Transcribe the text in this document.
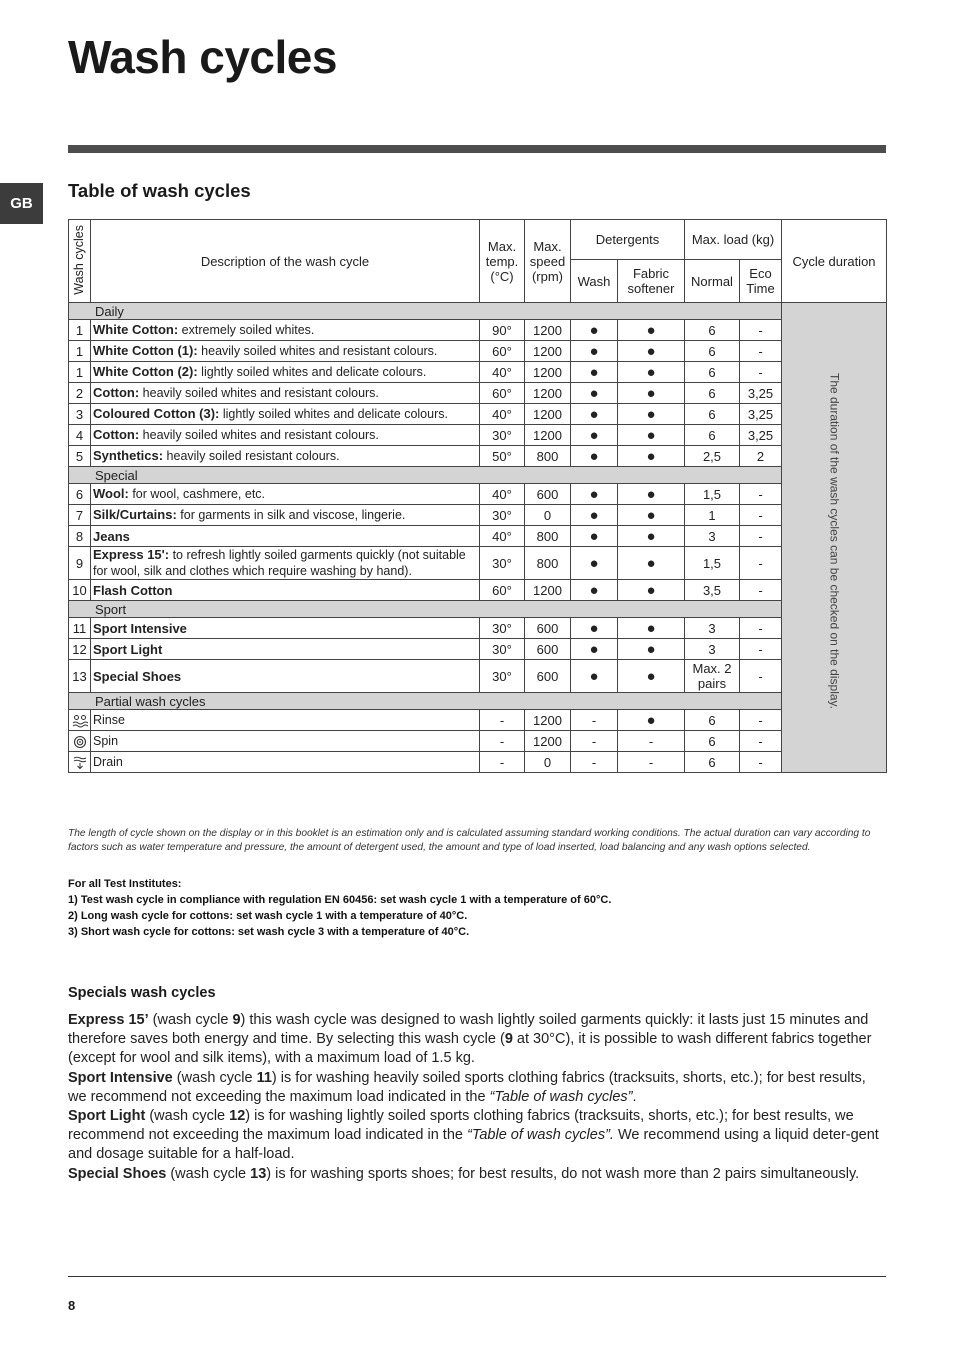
Wash cycles
GB
Table of wash cycles
Wash cycles	Description of the wash cycle	Max. temp. (°C)	Max. speed (rpm)	Detergents		Max. load (kg)		Cycle duration
				Wash	Fabric softener	Normal	Eco Time	
Daily								The duration of the wash cycles can be checked on the display.
1	White Cotton: extremely soiled whites.	90°	1200	●	●	6	-	
1	White Cotton (1): heavily soiled whites and resistant colours.	60°	1200	●	●	6	-	
1	White Cotton (2): lightly soiled whites and delicate colours.	40°	1200	●	●	6	-	
2	Cotton: heavily soiled whites and resistant colours.	60°	1200	●	●	6	3,25	
3	Coloured Cotton (3): lightly soiled whites and delicate colours.	40°	1200	●	●	6	3,25	
4	Cotton: heavily soiled whites and resistant colours.	30°	1200	●	●	6	3,25	
5	Synthetics: heavily soiled resistant colours.	50°	800	●	●	2,5	2	
Special								
6	Wool: for wool, cashmere, etc.	40°	600	●	●	1,5	-	
7	Silk/Curtains: for garments in silk and viscose, lingerie.	30°	0	●	●	1	-	
8	Jeans	40°	800	●	●	3	-	
9	Express 15': to refresh lightly soiled garments quickly (not suitable for wool, silk and clothes which require washing by hand).	30°	800	●	●	1,5	-	
10	Flash Cotton	60°	1200	●	●	3,5	-	
Sport								
11	Sport Intensive	30°	600	●	●	3	-	
12	Sport Light	30°	600	●	●	3	-	
13	Special Shoes	30°	600	●	●	Max. 2 pairs	-	
Partial wash cycles								
	Rinse	-	1200	-	●	6	-	
	Spin	-	1200	-	-	6	-	
	Drain	-	0	-	-	6	-	

The length of cycle shown on the display or in this booklet is an estimation only and is calculated assuming standard working conditions. The actual duration can vary according to factors such as water temperature and pressure, the amount of detergent used, the amount and type of load inserted, load balancing and any wash options selected.

For all Test Institutes:
1) Test wash cycle in compliance with regulation EN 60456: set wash cycle 1 with a temperature of 60°C.
2) Long wash cycle for cottons: set wash cycle 1 with a temperature of 40°C.
3) Short wash cycle for cottons: set wash cycle 3 with a temperature of 40°C.
Specials wash cycles

Express 15’ (wash cycle 9) this wash cycle was designed to wash lightly soiled garments quickly: it lasts just 15 minutes and therefore saves both energy and time. By selecting this wash cycle (9 at 30°C), it is possible to wash different fabrics together (except for wool and silk items), with a maximum load of 1.5 kg.

Sport Intensive (wash cycle 11) is for washing heavily soiled sports clothing fabrics (tracksuits, shorts, etc.); for best results, we recommend not exceeding the maximum load indicated in the “Table of wash cycles”.

Sport Light (wash cycle 12) is for washing lightly soiled sports clothing fabrics (tracksuits, shorts, etc.); for best results, we recommend not exceeding the maximum load indicated in the “Table of wash cycles”. We recommend using a liquid deter-gent and dosage suitable for a half-load.

Special Shoes (wash cycle 13) is for washing sports shoes; for best results, do not wash more than 2 pairs simultaneously.

8
